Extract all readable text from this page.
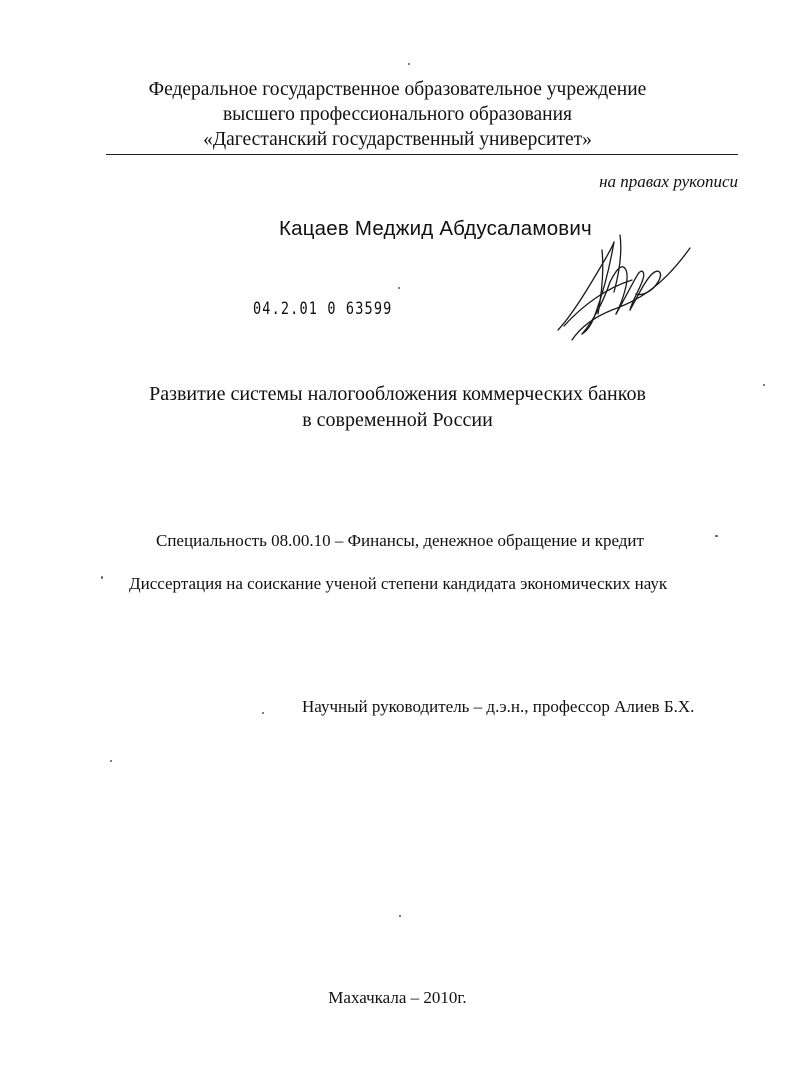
Федеральное государственное образовательное учреждение
высшего профессионального образования
«Дагестанский государственный университет»
на правах рукописи
Кацаев Меджид Абдусаламович
04.2.01 0 63599
Развитие системы налогообложения коммерческих банков
в современной России
Специальность 08.00.10 – Финансы, денежное обращение и кредит
Диссертация на соискание ученой степени кандидата экономических наук
Научный руководитель – д.э.н., профессор Алиев Б.Х.
Махачкала – 2010г.
